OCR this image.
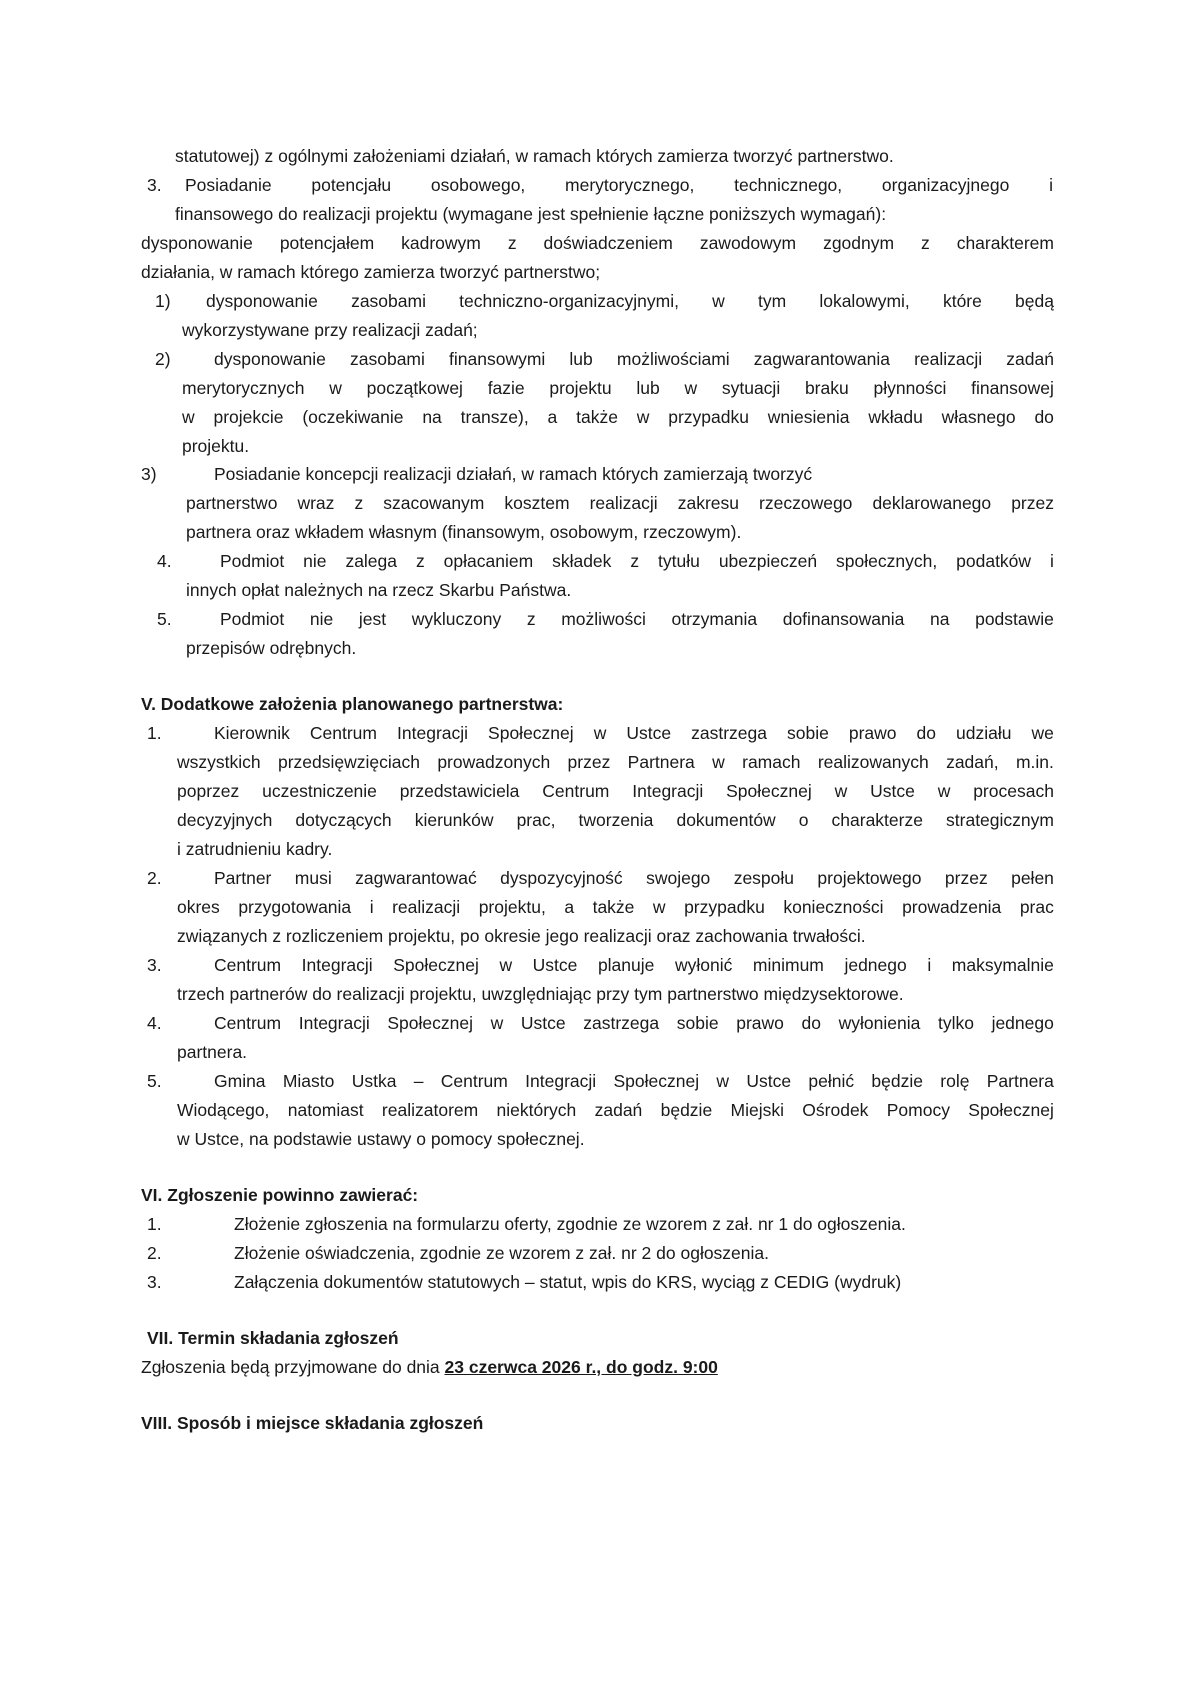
statutowej) z ogólnymi założeniami działań, w ramach których zamierza tworzyć partnerstwo.
3. Posiadanie potencjału osobowego, merytorycznego, technicznego, organizacyjnego i
finansowego do realizacji projektu (wymagane jest spełnienie łączne poniższych wymagań):
dysponowanie potencjałem kadrowym z doświadczeniem zawodowym zgodnym z charakterem
działania, w ramach którego zamierza tworzyć partnerstwo;
1) dysponowanie zasobami techniczno-organizacyjnymi, w tym lokalowymi, które będą
wykorzystywane przy realizacji zadań;
2) dysponowanie zasobami finansowymi lub możliwościami zagwarantowania realizacji zadań
merytorycznych w początkowej fazie projektu lub w sytuacji braku płynności finansowej
w projekcie (oczekiwanie na transze), a także w przypadku wniesienia wkładu własnego do
projektu.
3)	Posiadanie koncepcji realizacji działań, w ramach których zamierzają tworzyć
partnerstwo wraz z szacowanym kosztem realizacji zakresu rzeczowego deklarowanego przez
partnera oraz wkładem własnym (finansowym, osobowym, rzeczowym).
4.	Podmiot nie zalega z opłacaniem składek z tytułu ubezpieczeń społecznych, podatków i
innych opłat należnych na rzecz Skarbu Państwa.
5.	Podmiot nie jest wykluczony z możliwości otrzymania dofinansowania na podstawie
przepisów odrębnych.
V. Dodatkowe założenia planowanego partnerstwa:
1.	Kierownik Centrum Integracji Społecznej w Ustce zastrzega sobie prawo do udziału we
wszystkich przedsięwzięciach prowadzonych przez Partnera w ramach realizowanych zadań, m.in.
poprzez uczestniczenie przedstawiciela Centrum Integracji Społecznej w Ustce w procesach
decyzyjnych dotyczących kierunków prac, tworzenia dokumentów o charakterze strategicznym
i zatrudnieniu kadry.
2.	Partner musi zagwarantować dyspozycyjność swojego zespołu projektowego przez pełen
okres przygotowania i realizacji projektu, a także w przypadku konieczności prowadzenia prac
związanych z rozliczeniem projektu, po okresie jego realizacji oraz zachowania trwałości.
3.	Centrum Integracji Społecznej w Ustce planuje wyłonić minimum jednego i maksymalnie
trzech partnerów do realizacji projektu, uwzględniając przy tym partnerstwo międzysektorowe.
4.	Centrum Integracji Społecznej w Ustce zastrzega sobie prawo do wyłonienia tylko jednego
partnera.
5.	Gmina Miasto Ustka – Centrum Integracji Społecznej w Ustce pełnić będzie rolę Partnera
Wiodącego, natomiast realizatorem niektórych zadań będzie Miejski Ośrodek Pomocy Społecznej
w Ustce, na podstawie ustawy o pomocy społecznej.
VI. Zgłoszenie powinno zawierać:
1.	Złożenie zgłoszenia na formularzu oferty, zgodnie ze wzorem z zał. nr 1 do ogłoszenia.
2.	Złożenie oświadczenia, zgodnie ze wzorem z zał. nr 2 do ogłoszenia.
3.	Załączenia dokumentów statutowych – statut, wpis do KRS, wyciąg z CEDIG (wydruk)
VII. Termin składania zgłoszeń
Zgłoszenia będą przyjmowane do dnia 23 czerwca 2026 r., do godz. 9:00
VIII. Sposób i miejsce składania zgłoszeń
